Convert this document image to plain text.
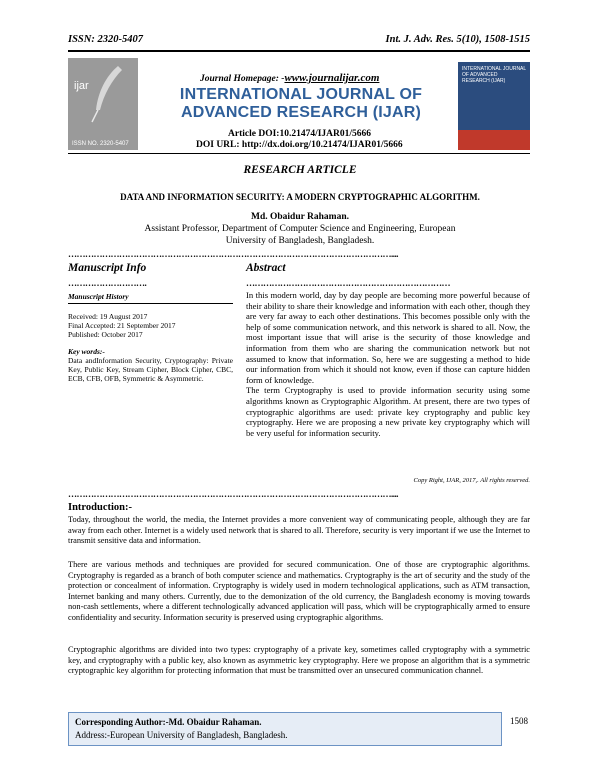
ISSN: 2320-5407	Int. J. Adv. Res. 5(10), 1508-1515
ijar
ISSN NO. 2320-5407
INTERNATIONAL JOURNAL OF ADVANCED RESEARCH (IJAR)
Journal Homepage: -www.journalijar.com
INTERNATIONAL JOURNAL OF
ADVANCED RESEARCH (IJAR)
Article DOI:10.21474/IJAR01/5666
DOI URL: http://dx.doi.org/10.21474/IJAR01/5666
RESEARCH ARTICLE
DATA AND INFORMATION SECURITY: A MODERN CRYPTOGRAPHIC ALGORITHM.
Md. Obaidur Rahaman.
Assistant Professor, Department of Computer Science and Engineering, European University of Bangladesh, Bangladesh.
……………………………………………………………………………………………………....
Manuscript Info	Abstract
……………………….	………………………………………………………………
Manuscript History
Received: 19 August 2017
Final Accepted: 21 September 2017
Published: October 2017
Key words:-
Data andInformation Security, Cryptography: Private Key, Public Key, Stream Cipher, Block Cipher, CBC, ECB, CFB, OFB, Symmetric & Asymmetric.

In this modern world, day by day people are becoming more powerful because of their ability to share their knowledge and information with each other, though they are very far away to each other destinations. This becomes possible only with the help of some communication network, and this network is shared to all. Now, the most important issue that will arise is the security of those knowledge and information from them who are sharing the communication network but not assumed to know that information. So, here we are suggesting a method to hide our information from which it should not know, even if those can capture hidden form of knowledge.

The term Cryptography is used to provide information security using some algorithms known as Cryptographic Algorithm. At present, there are two types of cryptographic algorithms are used: private key cryptography and public key cryptography. Here we are proposing a new private key cryptography which will be very useful for information security.

Copy Right, IJAR, 2017,. All rights reserved.
……………………………………………………………………………………………………....
Introduction:-

Today, throughout the world, the media, the Internet provides a more convenient way of communicating people, although they are far away from each other. Internet is a widely used network that is shared to all. Therefore, security is very important if we use the Internet to transmit sensitive data and information.

There are various methods and techniques are provided for secured communication. One of those are cryptographic algorithms. Cryptography is regarded as a branch of both computer science and mathematics. Cryptography is the art of security and the study of the protection or concealment of information. Cryptography is widely used in modern technological applications, such as ATM transaction, Internet banking and many others. Currently, due to the demonization of the old currency, the Bangladesh economy is moving towards non-cash settlements, where a different technologically advanced application will pass, which will be cryptographically armed to ensure confidentiality and security. Information security is preserved using cryptographic algorithms.

Cryptographic algorithms are divided into two types: cryptography of a private key, sometimes called cryptography with a symmetric key, and cryptography with a public key, also known as asymmetric key cryptography. Here we propose an algorithm that is a symmetric cryptographic key algorithm for protecting information that must be transmitted over an unsecured communication channel.

Corresponding Author:-Md. Obaidur Rahaman.
Address:-European University of Bangladesh, Bangladesh.
1508
